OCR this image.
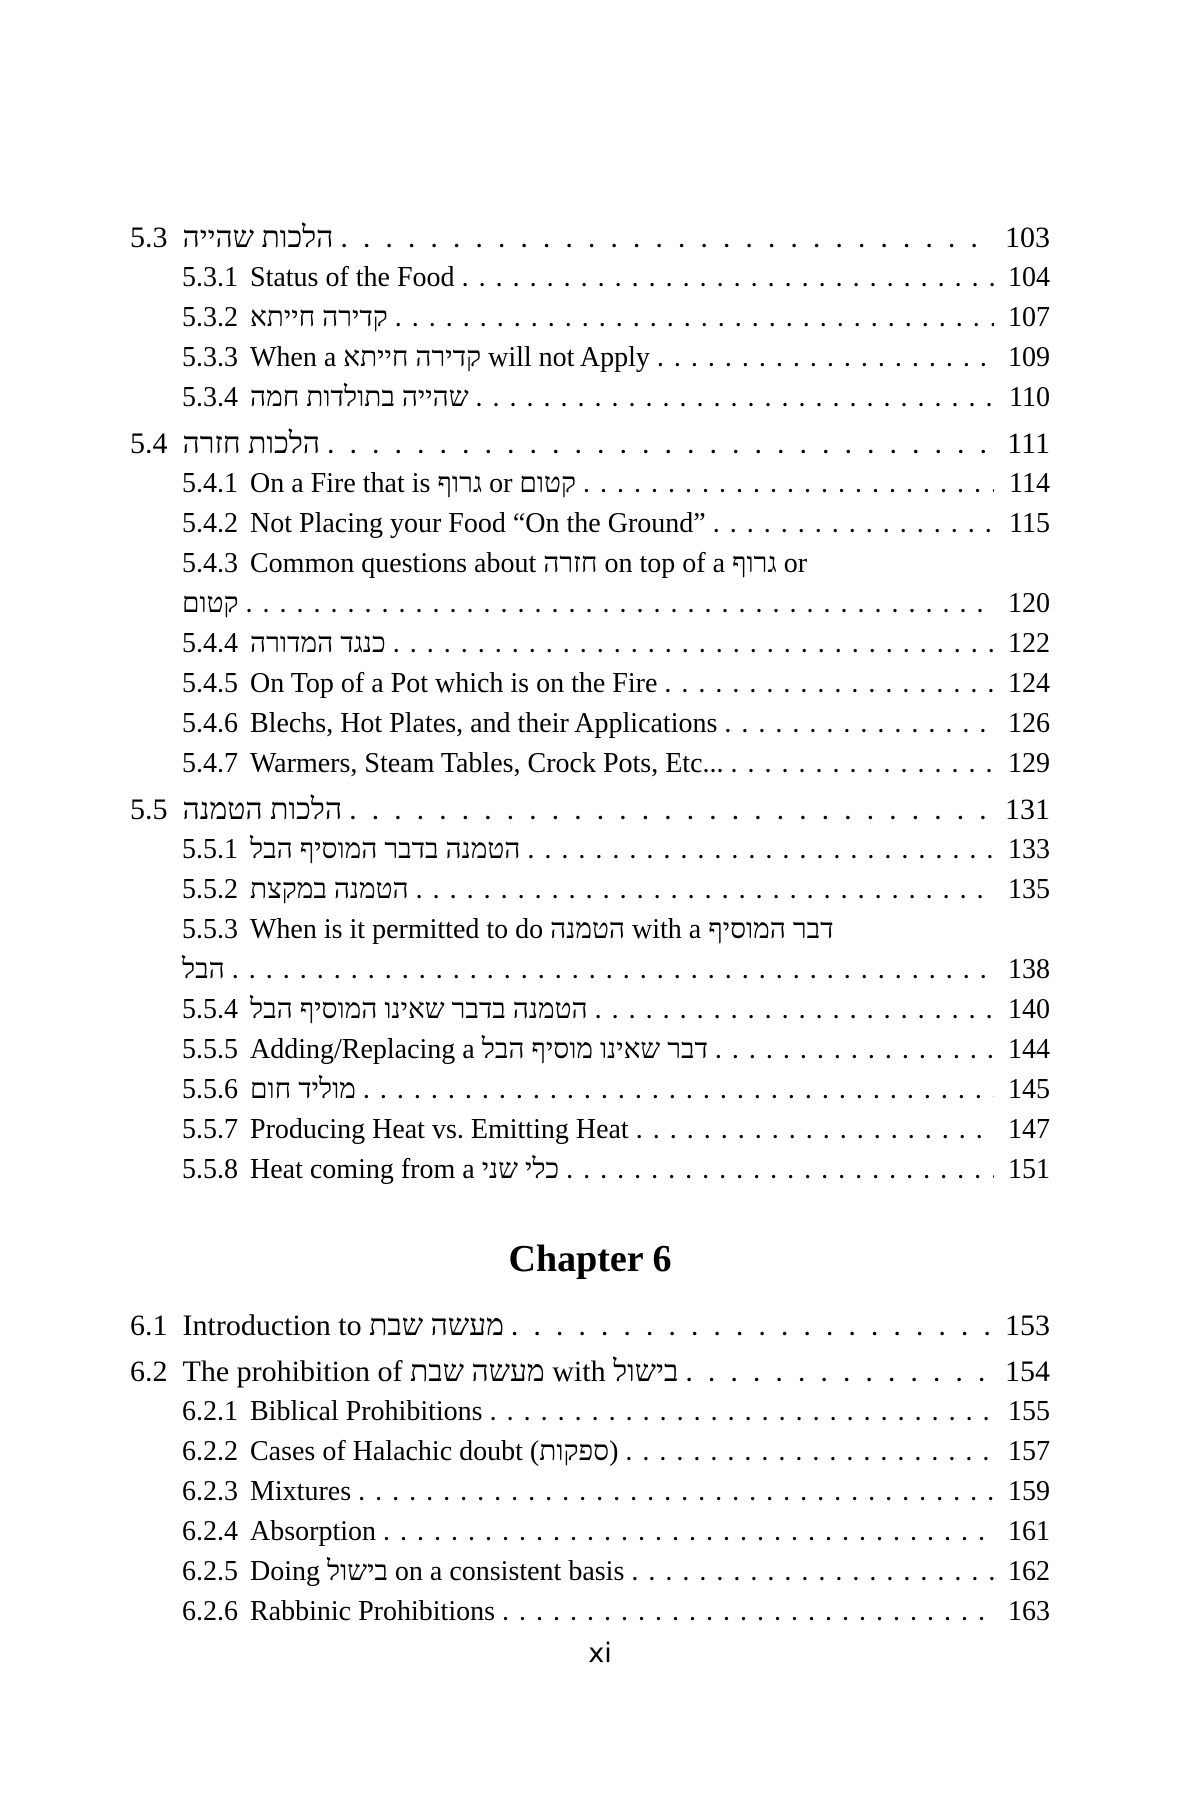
5.3 הלכות שהייה .....	103
5.3.1 Status of the Food .....	104
5.3.2 קדירה חייתא .....	107
5.3.3 When a קדירה חייתא will not Apply .....	109
5.3.4 שהייה בתולדות חמה .....	110
5.4 הלכות חזרה .....	111
5.4.1 On a Fire that is גרוף or קטום .....	114
5.4.2 Not Placing your Food “On the Ground” .....	115
5.4.3 Common questions about חזרה on top of a גרוף or
קטום .....	120
5.4.4 כנגד המדורה .....	122
5.4.5 On Top of a Pot which is on the Fire .....	124
5.4.6 Blechs, Hot Plates, and their Applications .....	126
5.4.7 Warmers, Steam Tables, Crock Pots, Etc... .....	129
5.5 הלכות הטמנה .....	131
5.5.1 הטמנה בדבר המוסיף הבל .....	133
5.5.2 הטמנה במקצת .....	135
5.5.3 When is it permitted to do הטמנה with a דבר המוסיף
הבל .....	138
5.5.4 הטמנה בדבר שאינו המוסיף הבל .....	140
5.5.5 Adding/Replacing a דבר שאינו מוסיף הבל .....	144
5.5.6 מוליד חום .....	145
5.5.7 Producing Heat vs. Emitting Heat .....	147
5.5.8 Heat coming from a כלי שני .....	151
Chapter 6
6.1 Introduction to מעשה שבת .....	153
6.2 The prohibition of מעשה שבת with בישול .....	154
6.2.1 Biblical Prohibitions .....	155
6.2.2 Cases of Halachic doubt (ספקות) .....	157
6.2.3 Mixtures .....	159
6.2.4 Absorption .....	161
6.2.5 Doing בישול on a consistent basis .....	162
6.2.6 Rabbinic Prohibitions .....	163
xi
